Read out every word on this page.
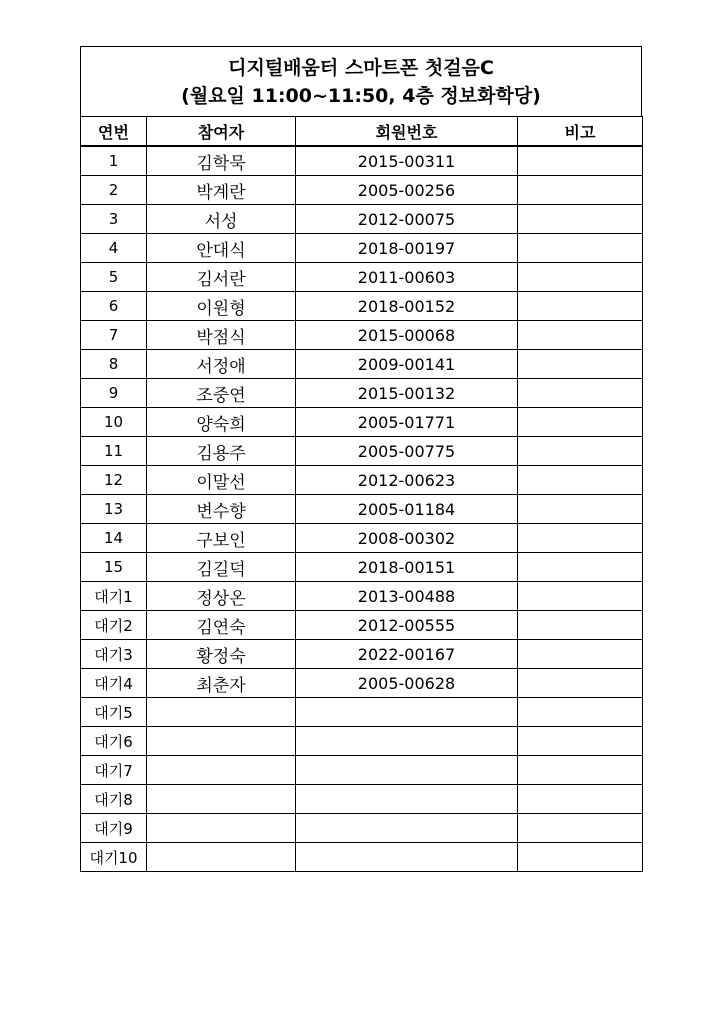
디지털배움터 스마트폰 첫걸음C
(월요일 11:00~11:50, 4층 정보화학당)
연번	참여자	회원번호	비고
1	김학묵	2015-00311	
2	박계란	2005-00256	
3	서성	2012-00075	
4	안대식	2018-00197	
5	김서란	2011-00603	
6	이원형	2018-00152	
7	박점식	2015-00068	
8	서정애	2009-00141	
9	조중연	2015-00132	
10	양숙희	2005-01771	
11	김용주	2005-00775	
12	이말선	2012-00623	
13	변수향	2005-01184	
14	구보인	2008-00302	
15	김길덕	2018-00151	
대기1	정상온	2013-00488	
대기2	김연숙	2012-00555	
대기3	황정숙	2022-00167	
대기4	최춘자	2005-00628	
대기5			
대기6			
대기7			
대기8			
대기9			
대기10			
